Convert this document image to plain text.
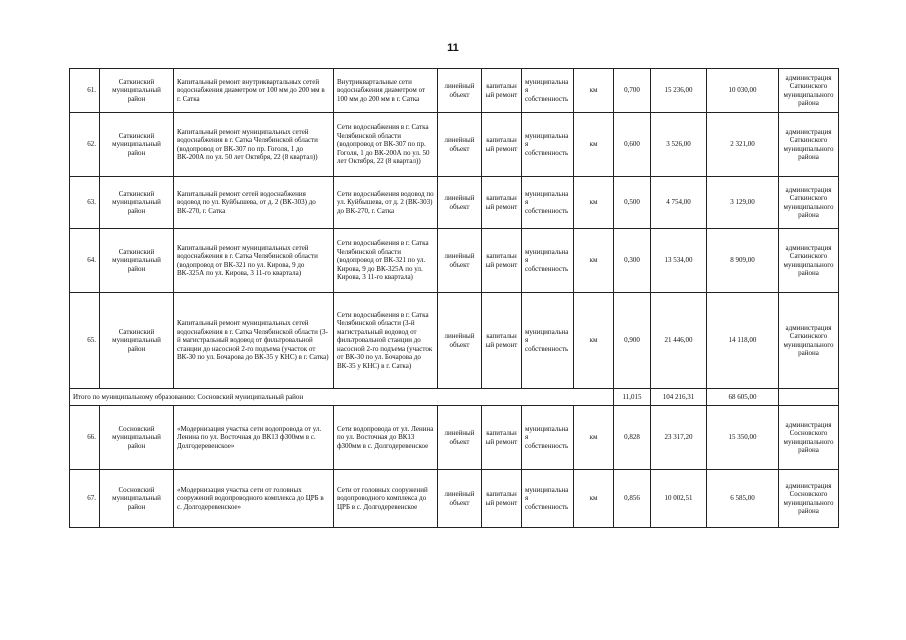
11
61.	Саткинский муниципальный район	Капитальный ремонт внутриквартальных сетей водоснабжения диаметром от 100 мм до 200 мм в г. Сатка	Внутриквартальные сети водоснабжения диаметром от 100 мм до 200 мм в г. Сатка	линейный объект	капитальный ремонт	муниципальная собственность	км	0,700	15 236,00	10 030,00	администрация Саткинского муниципального района
62.	Саткинский муниципальный район	Капитальный ремонт муниципальных сетей водоснабжения в г. Сатка Челябинской области (водопровод от ВК-307 по пр. Гоголя, 1 до ВК-200А по ул. 50 лет Октября, 22 (8 квартал))	Сети водоснабжения в г. Сатка Челябинской области (водопровод от ВК-307 по пр. Гоголя, 1 до ВК-200А по ул. 50 лет Октября, 22 (8 квартал))	линейный объект	капитальный ремонт	муниципальная собственность	км	0,600	3 526,00	2 321,00	администрация Саткинского муниципального района
63.	Саткинский муниципальный район	Капитальный ремонт сетей водоснабжения водовод по ул. Куйбышева, от д. 2 (ВК-303) до ВК-270, г. Сатка	Сети водоснабжения водовод по ул. Куйбышева, от д. 2 (ВК-303) до ВК-270, г. Сатка	линейный объект	капитальный ремонт	муниципальная собственность	км	0,500	4 754,00	3 129,00	администрация Саткинского муниципального района
64.	Саткинский муниципальный район	Капитальный ремонт муниципальных сетей водоснабжения в г. Сатка Челябинской области (водопровод от ВК-321 по ул. Кирова, 9 до ВК-325А по ул. Кирова, 3 11-го квартала)	Сети водоснабжения в г. Сатка Челябинской области (водопровод от ВК-321 по ул. Кирова, 9 до ВК-325А по ул. Кирова, 3 11-го квартала)	линейный объект	капитальный ремонт	муниципальная собственность	км	0,300	13 534,00	8 909,00	администрация Саткинского муниципального района
65.	Саткинский муниципальный район	Капитальный ремонт муниципальных сетей водоснабжения в г. Сатка Челябинской области (3-й магистральный водовод от фильтровальной станции до насосной 2-го подъема (участок от ВК-30 по ул. Бочарова до ВК-35 у КНС) в г. Сатка)	Сети водоснабжения в г. Сатка Челябинской области (3-й магистральный водовод от фильтровальной станции до насосной 2-го подъема (участок от ВК-30 по ул. Бочарова до ВК-35 у КНС) в г. Сатка)	линейный объект	капитальный ремонт	муниципальная собственность	км	0,900	21 446,00	14 118,00	администрация Саткинского муниципального района
Итого по муниципальному образованию: Сосновский муниципальный район								11,015	104 216,31	68 605,00	
66.	Сосновский муниципальный район	«Модернизация участка сети водопровода от ул. Ленина по ул. Восточная до ВК13 ф300мм в с. Долгодеревенское»	Сети водопровода от ул. Ленина по ул. Восточная до ВК13 ф300мм в с. Долгодеревенское	линейный объект	капитальный ремонт	муниципальная собственность	км	0,828	23 317,20	15 350,00	администрация Сосновского муниципального района
67.	Сосновский муниципальный район	«Модернизация участка сети от головных сооружений водопроводного комплекса до ЦРБ в с. Долгодеревенское»	Сети от головных сооружений водопроводного комплекса до ЦРБ в с. Долгодеревенское	линейный объект	капитальный ремонт	муниципальная собственность	км	0,856	10 002,51	6 585,00	администрация Сосновского муниципального района
